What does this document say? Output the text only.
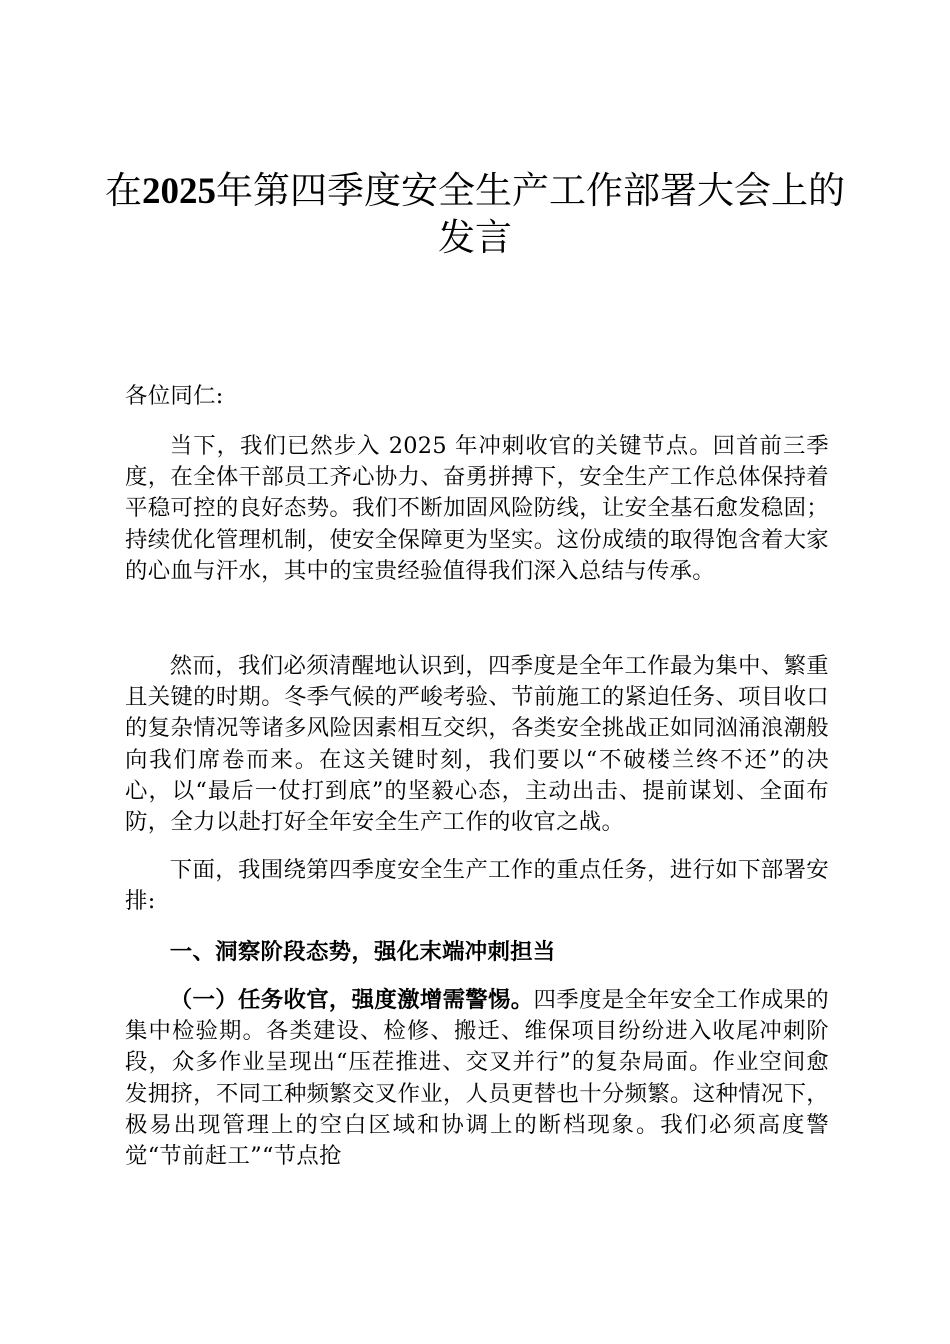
在2025年第四季度安全生产工作部署大会上的发言

各位同仁:

当下，我们已然步入 2025 年冲刺收官的关键节点。回首前三季度，在全体干部员工齐心协力、奋勇拼搏下，安全生产工作总体保持着平稳可控的良好态势。我们不断加固风险防线，让安全基石愈发稳固；持续优化管理机制，使安全保障更为坚实。这份成绩的取得饱含着大家的心血与汗水，其中的宝贵经验值得我们深入总结与传承。

然而，我们必须清醒地认识到，四季度是全年工作最为集中、繁重且关键的时期。冬季气候的严峻考验、节前施工的紧迫任务、项目收口的复杂情况等诸多风险因素相互交织，各类安全挑战正如同汹涌浪潮般向我们席卷而来。在这关键时刻，我们要以“不破楼兰终不还”的决心，以“最后一仗打到底”的坚毅心态，主动出击、提前谋划、全面布防，全力以赴打好全年安全生产工作的收官之战。

下面，我围绕第四季度安全生产工作的重点任务，进行如下部署安排:

一、洞察阶段态势，强化末端冲刺担当

（一）任务收官，强度激增需警惕。四季度是全年安全工作成果的集中检验期。各类建设、检修、搬迁、维保项目纷纷进入收尾冲刺阶段，众多作业呈现出“压茬推进、交叉并行”的复杂局面。作业空间愈发拥挤，不同工种频繁交叉作业，人员更替也十分频繁。这种情况下，极易出现管理上的空白区域和协调上的断档现象。我们必须高度警觉“节前赶工”“节点抢
